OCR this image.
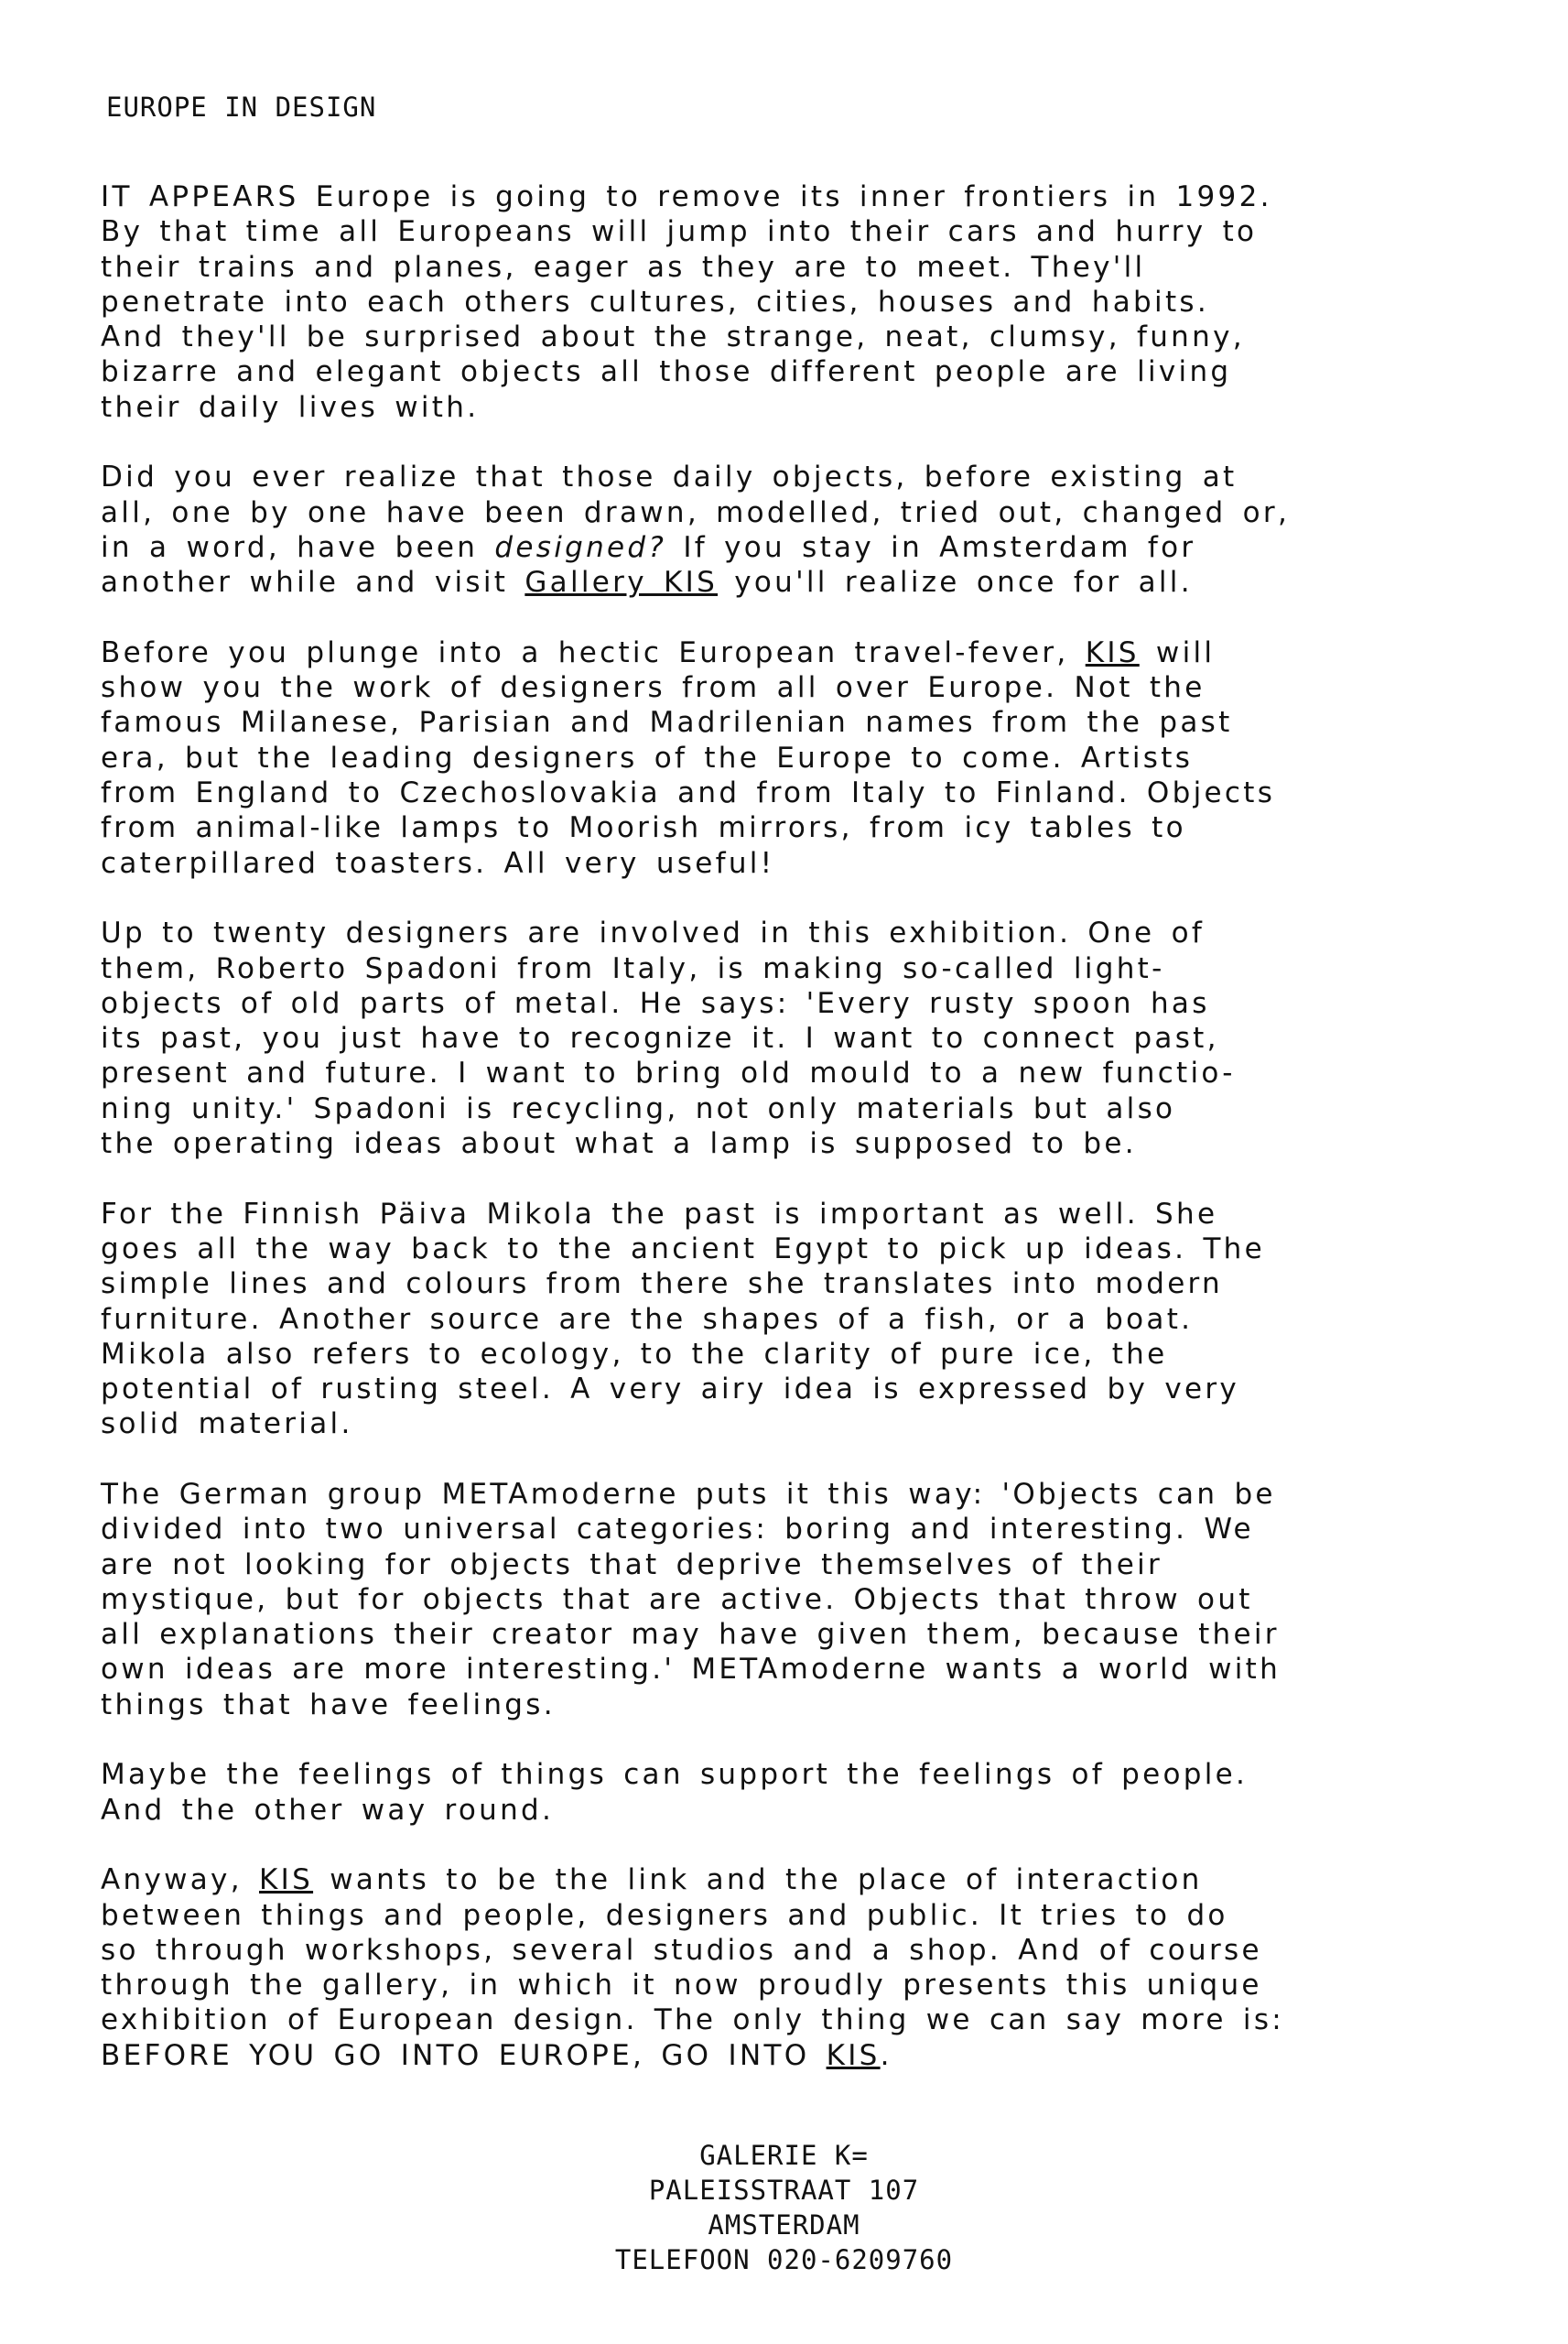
EUROPE IN DESIGN
IT APPEARS Europe is going to remove its inner frontiers in 1992.
By that time all Europeans will jump into their cars and hurry to
their trains and planes, eager as they are to meet. They'll
penetrate into each others cultures, cities, houses and habits.
And they'll be surprised about the strange, neat, clumsy, funny,
bizarre and elegant objects all those different people are living
their daily lives with.
Did you ever realize that those daily objects, before existing at
all, one by one have been drawn, modelled, tried out, changed or,
in a word, have been designed? If you stay in Amsterdam for
another while and visit Gallery KIS you'll realize once for all.
Before you plunge into a hectic European travel-fever, KIS will
show you the work of designers from all over Europe. Not the
famous Milanese, Parisian and Madrilenian names from the past
era, but the leading designers of the Europe to come. Artists
from England to Czechoslovakia and from Italy to Finland. Objects
from animal-like lamps to Moorish mirrors, from icy tables to
caterpillared toasters. All very useful!
Up to twenty designers are involved in this exhibition. One of
them, Roberto Spadoni from Italy, is making so-called light-
objects of old parts of metal. He says: 'Every rusty spoon has
its past, you just have to recognize it. I want to connect past,
present and future. I want to bring old mould to a new functio-
ning unity.' Spadoni is recycling, not only materials but also
the operating ideas about what a lamp is supposed to be.
For the Finnish Päiva Mikola the past is important as well. She
goes all the way back to the ancient Egypt to pick up ideas. The
simple lines and colours from there she translates into modern
furniture. Another source are the shapes of a fish, or a boat.
Mikola also refers to ecology, to the clarity of pure ice, the
potential of rusting steel. A very airy idea is expressed by very
solid material.
The German group METAmoderne puts it this way: 'Objects can be
divided into two universal categories: boring and interesting. We
are not looking for objects that deprive themselves of their
mystique, but for objects that are active. Objects that throw out
all explanations their creator may have given them, because their
own ideas are more interesting.' METAmoderne wants a world with
things that have feelings.
Maybe the feelings of things can support the feelings of people.
And the other way round.
Anyway, KIS wants to be the link and the place of interaction
between things and people, designers and public. It tries to do
so through workshops, several studios and a shop. And of course
through the gallery, in which it now proudly presents this unique
exhibition of European design. The only thing we can say more is:
BEFORE YOU GO INTO EUROPE, GO INTO KIS.
GALERIE K=
PALEISSTRAAT 107
AMSTERDAM
TELEFOON 020-6209760
